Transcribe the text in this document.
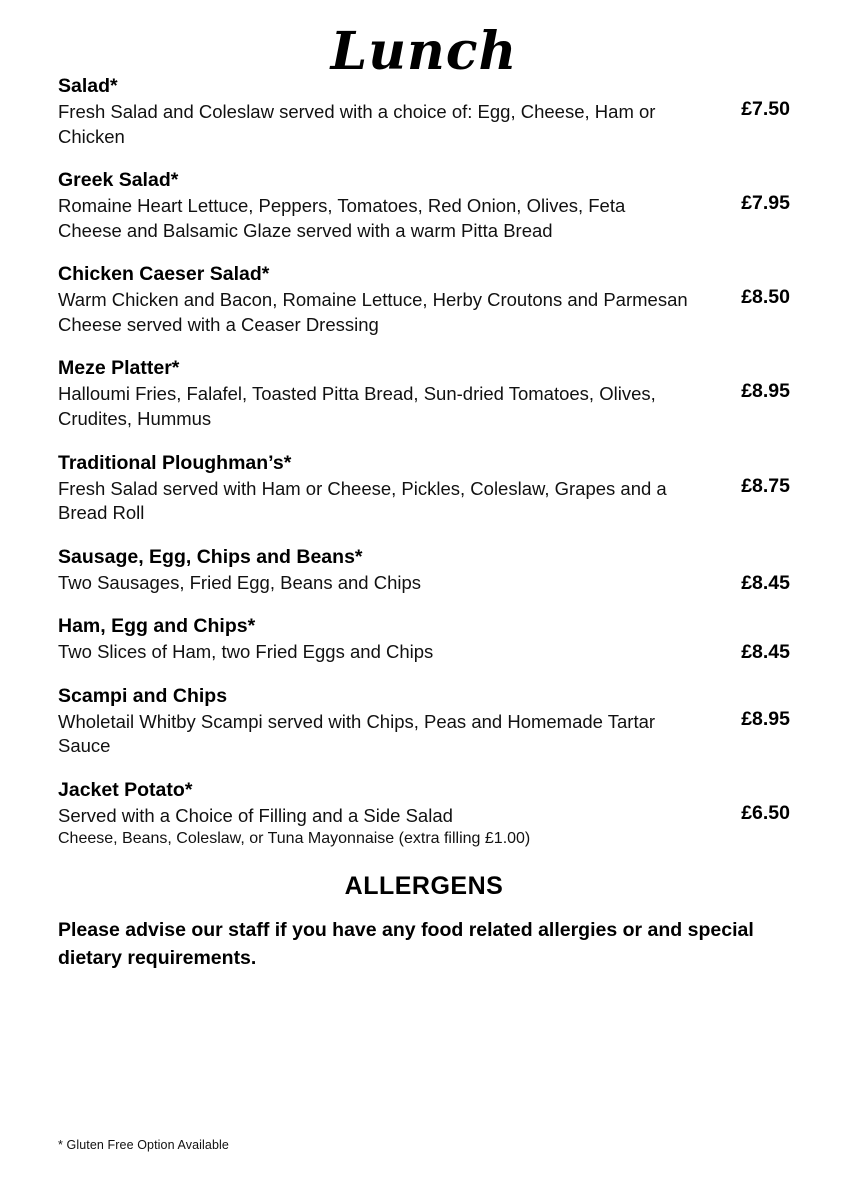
Lunch

Salad*

Fresh Salad and Coleslaw served with a choice of: Egg, Cheese, Ham or Chicken

£7.50

Greek Salad*

Romaine Heart Lettuce, Peppers, Tomatoes, Red Onion, Olives, Feta Cheese and Balsamic Glaze served with a warm Pitta Bread

£7.95

Chicken Caeser Salad*

Warm Chicken and Bacon, Romaine Lettuce, Herby Croutons and Parmesan Cheese served with a Ceaser Dressing

£8.50

Meze Platter*

Halloumi Fries, Falafel, Toasted Pitta Bread, Sun-dried Tomatoes, Olives, Crudites, Hummus

£8.95

Traditional Ploughman’s*

Fresh Salad served with Ham or Cheese, Pickles, Coleslaw, Grapes and a Bread Roll

£8.75

Sausage, Egg, Chips and Beans*

Two Sausages, Fried Egg, Beans and Chips	£8.45

Ham, Egg and Chips*

Two Slices of Ham, two Fried Eggs and Chips	£8.45

Scampi and Chips

Wholetail Whitby Scampi served with Chips, Peas and Homemade Tartar Sauce

£8.95

Jacket Potato*

Served with a Choice of Filling and a Side Salad

Cheese, Beans, Coleslaw, or Tuna Mayonnaise (extra filling £1.00)

£6.50
ALLERGENS

Please advise our staff if you have any food related allergies or and special dietary requirements.

* Gluten Free Option Available
